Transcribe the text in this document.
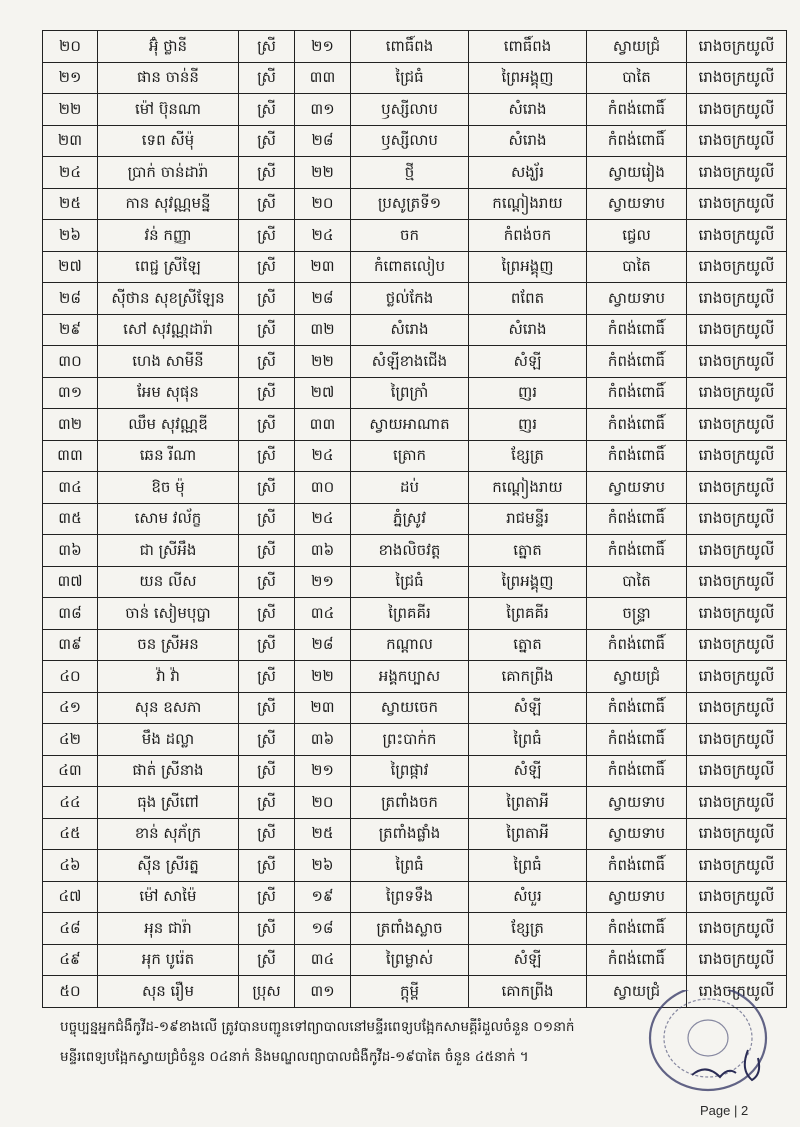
២០	អ៊ុំ ថ្លានី	ស្រី	២១	ពោធិ៍ពង	ពោធិ៍ពង	ស្វាយជ្រំ	រោងចក្រយូលី
២១	ផាន ចាន់នី	ស្រី	៣៣	ជ្រៃធំ	ព្រៃអង្គុញ	បាតៃ	រោងចក្រយូលី
២២	ម៉ៅ ប៊ុនណា	ស្រី	៣១	ឫស្សីលាប	សំរោង	កំពង់ពោធិ៍	រោងចក្រយូលី
២៣	ទេព សីម៉ុ	ស្រី	២៨	ឫស្សីលាប	សំរោង	កំពង់ពោធិ៍	រោងចក្រយូលី
២៤	ប្រាក់ ចាន់ដារ៉ា	ស្រី	២២	ថ្មី	សង្ឃ័រ	ស្វាយរៀង	រោងចក្រយូលី
២៥	កាន សុវណ្ណមន្នី	ស្រី	២០	ប្រសូត្រទី១	កណ្តៀងរាយ	ស្វាយទាប	រោងចក្រយូលី
២៦	វន់ កញ្ញា	ស្រី	២៤	ចក	កំពង់ចក	ជ្វេល	រោងចក្រយូលី
២៧	ពេជ្ជ ស្រីឡៃ	ស្រី	២៣	កំពោតលៀប	ព្រៃអង្គុញ	បាតៃ	រោងចក្រយូលី
២៨	ស៊ីថាន សុខស្រីឡែន	ស្រី	២៨	ថ្លល់កែង	ពពែត	ស្វាយទាប	រោងចក្រយូលី
២៩	សៅ សុវណ្ណដារ៉ា	ស្រី	៣២	សំរោង	សំរោង	កំពង់ពោធិ៍	រោងចក្រយូលី
៣០	ហេង សាមីនី	ស្រី	២២	សំឡីខាងជើង	សំឡី	កំពង់ពោធិ៍	រោងចក្រយូលី
៣១	អែម សុផុន	ស្រី	២៧	ព្រៃក្រាំ	ញរ	កំពង់ពោធិ៍	រោងចក្រយូលី
៣២	ឈឹម សុវណ្ណឌី	ស្រី	៣៣	ស្វាយអាណាត	ញរ	កំពង់ពោធិ៍	រោងចក្រយូលី
៣៣	ឆេន រីណា	ស្រី	២៤	ត្រោក	ខ្សែត្រ	កំពង់ពោធិ៍	រោងចក្រយូលី
៣៤	ឱច ម៉ុ	ស្រី	៣០	ដប់	កណ្តៀងរាយ	ស្វាយទាប	រោងចក្រយូលី
៣៥	សោម វល័ក្ខ	ស្រី	២៤	ភ្នំស្រូវ	រាជមន្ទីរ	កំពង់ពោធិ៍	រោងចក្រយូលី
៣៦	ជា ស្រីអឹង	ស្រី	៣៦	ខាងលិចវត្ត	ត្នោត	កំពង់ពោធិ៍	រោងចក្រយូលី
៣៧	យន លីស	ស្រី	២១	ជ្រៃធំ	ព្រៃអង្គុញ	បាតៃ	រោងចក្រយូលី
៣៨	ចាន់ សៀមបុប្ផា	ស្រី	៣៤	ព្រៃគគីរ	ព្រៃគគីរ	ចន្ទ្រា	រោងចក្រយូលី
៣៩	ចន ស្រីអន	ស្រី	២៨	កណ្តាល	ត្នោត	កំពង់ពោធិ៍	រោងចក្រយូលី
៤០	វ៉ា វ៉ា	ស្រី	២២	អង្គកប្បាស	គោកព្រីង	ស្វាយជ្រំ	រោងចក្រយូលី
៤១	សុន ឧសភា	ស្រី	២៣	ស្វាយចេក	សំឡី	កំពង់ពោធិ៍	រោងចក្រយូលី
៤២	មឹង ដល្លា	ស្រី	៣៦	ព្រះបាក់ក	ព្រៃធំ	កំពង់ពោធិ៍	រោងចក្រយូលី
៤៣	ផាត់ ស្រីនាង	ស្រី	២១	ព្រៃផ្កាវ	សំឡី	កំពង់ពោធិ៍	រោងចក្រយូលី
៤៤	ធុង ស្រីពៅ	ស្រី	២០	ត្រពាំងចក	ព្រៃតាអី	ស្វាយទាប	រោងចក្រយូលី
៤៥	ខាន់ សុភ័ក្រ	ស្រី	២៥	ត្រពាំងផ្លាំង	ព្រៃតាអី	ស្វាយទាប	រោងចក្រយូលី
៤៦	ស៊ីន ស្រីរត្ន	ស្រី	២៦	ព្រៃធំ	ព្រៃធំ	កំពង់ពោធិ៍	រោងចក្រយូលី
៤៧	ម៉ៅ សាម៉ៃ	ស្រី	១៩	ព្រៃទទឹង	សំបួរ	ស្វាយទាប	រោងចក្រយូលី
៤៨	អុន ជារ៉ា	ស្រី	១៨	ត្រពាំងស្លាច	ខ្សែត្រ	កំពង់ពោធិ៍	រោងចក្រយូលី
៤៩	អុក បូរ៉េត	ស្រី	៣៤	ព្រៃម្លាស់	សំឡី	កំពង់ពោធិ៍	រោងចក្រយូលី
៥០	សុន រឿម	ប្រុស	៣១	ក្តុម្ពី	គោកព្រីង	ស្វាយជ្រំ	រោងចក្រយូលី

បច្ចុប្បន្នអ្នកជំងឺកូវីដ-១៩ខាងលើ ត្រូវបានបញ្ជូនទៅព្យាបាលនៅមន្ទីរពេទ្យបង្អែកសាមគ្គីរំដួលចំនួន ០១នាក់

មន្ទីរពេទ្យបង្អែកស្វាយជ្រំចំនួន ០៤នាក់ និងមណ្ឌលព្យាបាលជំងឺកូវីដ-១៩បាតៃ ចំនួន ៤៥នាក់ ។

Page | 2
